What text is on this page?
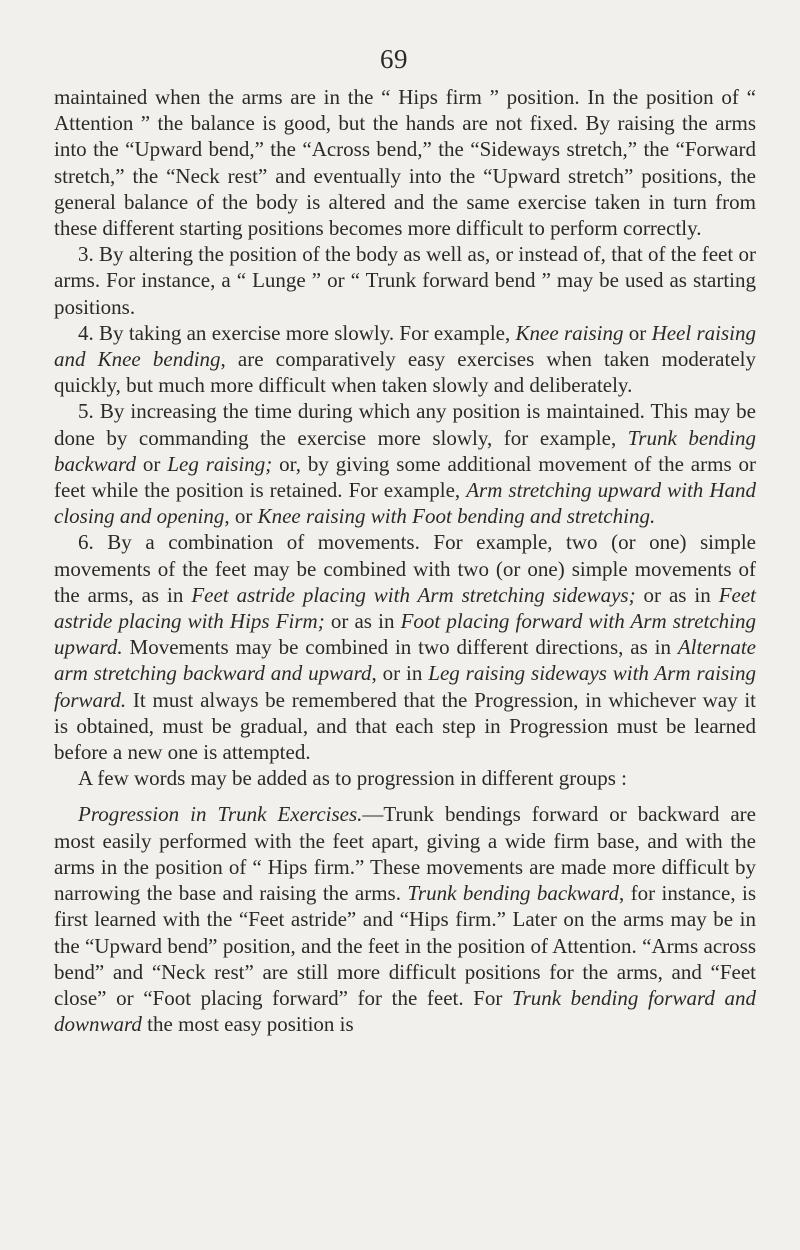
69

maintained when the arms are in the “ Hips firm ” position. In the position of “ Attention ” the balance is good, but the hands are not fixed. By raising the arms into the “Upward bend,” the “Across bend,” the “Sideways stretch,” the “Forward stretch,” the “Neck rest” and eventually into the “Upward stretch” positions, the general balance of the body is altered and the same exercise taken in turn from these different starting positions becomes more difficult to perform correctly.

3. By altering the position of the body as well as, or instead of, that of the feet or arms. For instance, a “ Lunge ” or “ Trunk forward bend ” may be used as starting positions.

4. By taking an exercise more slowly. For example, Knee raising or Heel raising and Knee bending, are comparatively easy exercises when taken moderately quickly, but much more difficult when taken slowly and deliberately.

5. By increasing the time during which any position is maintained. This may be done by commanding the exercise more slowly, for example, Trunk bending backward or Leg raising; or, by giving some additional movement of the arms or feet while the position is retained. For example, Arm stretching upward with Hand closing and opening, or Knee raising with Foot bending and stretching.

6. By a combination of movements. For example, two (or one) simple movements of the feet may be combined with two (or one) simple movements of the arms, as in Feet astride placing with Arm stretching sideways; or as in Feet astride placing with Hips Firm; or as in Foot placing forward with Arm stretching upward. Movements may be combined in two different directions, as in Alternate arm stretching backward and upward, or in Leg raising sideways with Arm raising forward. It must always be remembered that the Progression, in whichever way it is obtained, must be gradual, and that each step in Progression must be learned before a new one is attempted.

A few words may be added as to progression in different groups :

Progression in Trunk Exercises.—Trunk bendings forward or backward are most easily performed with the feet apart, giving a wide firm base, and with the arms in the position of “ Hips firm.” These movements are made more difficult by narrowing the base and raising the arms. Trunk bending backward, for instance, is first learned with the “Feet astride” and “Hips firm.” Later on the arms may be in the “Upward bend” position, and the feet in the position of Attention. “Arms across bend” and “Neck rest” are still more difficult positions for the arms, and “Feet close” or “Foot placing forward” for the feet. For Trunk bending forward and downward the most easy position is
